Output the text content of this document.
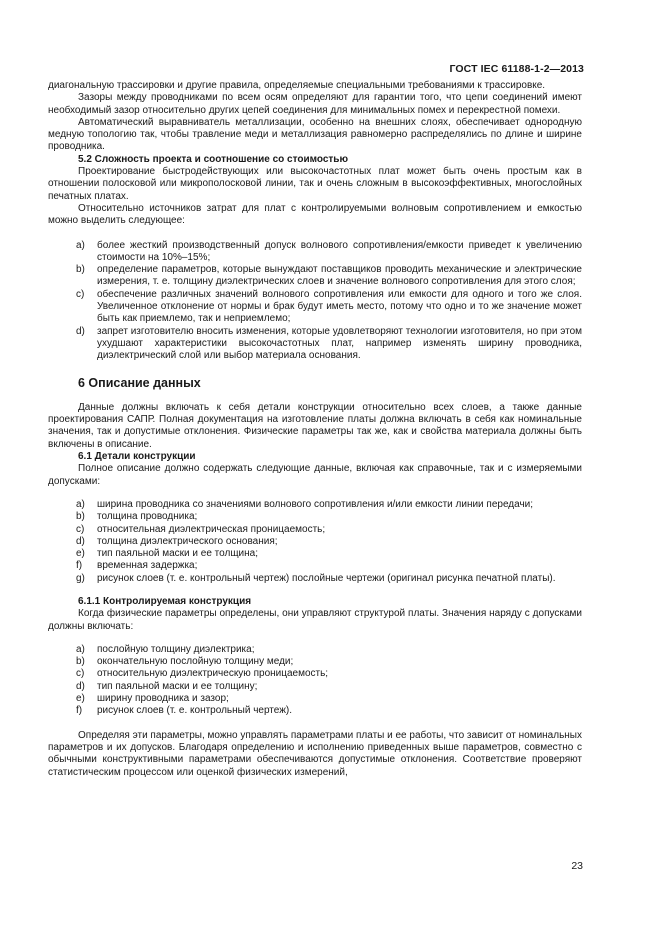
ГОСТ IEC 61188-1-2—2013

диагональную трассировки и другие правила, определяемые специальными требованиями к трассировке.

Зазоры между проводниками по всем осям определяют для гарантии того, что цепи соединений имеют необходимый зазор относительно других цепей соединения для минимальных помех и перекрестной помехи.

Автоматический выравниватель металлизации, особенно на внешних слоях, обеспечивает однородную медную топологию так, чтобы травление меди и металлизация равномерно распределялись по длине и ширине проводника.

5.2 Сложность проекта и соотношение со стоимостью

Проектирование быстродействующих или высокочастотных плат может быть очень простым как в отношении полосковой или микрополосковой линии, так и очень сложным в высокоэффективных, многослойных печатных платах.

Относительно источников затрат для плат с контролируемыми волновым сопротивлением и емкостью можно выделить следующее:

a)	более жесткий производственный допуск волнового сопротивления/емкости приведет к увеличению стоимости на 10%–15%;
b)	определение параметров, которые вынуждают поставщиков проводить механические и электрические измерения, т. е. толщину диэлектрических слоев и значение волнового сопротивления для этого слоя;
c)	обеспечение различных значений волнового сопротивления или емкости для одного и того же слоя. Увеличенное отклонение от нормы и брак будут иметь место, потому что одно и то же значение может быть как приемлемо, так и неприемлемо;
d)	запрет изготовителю вносить изменения, которые удовлетворяют технологии изготовителя, но при этом ухудшают характеристики высокочастотных плат, например изменять ширину проводника, диэлектрический слой или выбор материала основания.

6 Описание данных

Данные должны включать к себя детали конструкции относительно всех слоев, а также данные проектирования САПР. Полная документация на изготовление платы должна включать в себя как номинальные значения, так и допустимые отклонения. Физические параметры так же, как и свойства материала должны быть включены в описание.

6.1 Детали конструкции

Полное описание должно содержать следующие данные, включая как справочные, так и с измеряемыми допусками:

a)	ширина проводника со значениями волнового сопротивления и/или емкости линии передачи;
b)	толщина проводника;
c)	относительная диэлектрическая проницаемость;
d)	толщина диэлектрического основания;
e)	тип паяльной маски и ее толщина;
f)	временная задержка;
g)	рисунок слоев (т. е. контрольный чертеж) послойные чертежи (оригинал рисунка печатной платы).

6.1.1 Контролируемая конструкция

Когда физические параметры определены, они управляют структурой платы. Значения наряду с допусками должны включать:

a)	послойную толщину диэлектрика;
b)	окончательную послойную толщину меди;
c)	относительную диэлектрическую проницаемость;
d)	тип паяльной маски и ее толщину;
e)	ширину проводника и зазор;
f)	рисунок слоев (т. е. контрольный чертеж).

Определяя эти параметры, можно управлять параметрами платы и ее работы, что зависит от номинальных параметров и их допусков. Благодаря определению и исполнению приведенных выше параметров, совместно с обычными конструктивными параметрами обеспечиваются допустимые отклонения. Соответствие проверяют статистическим процессом или оценкой физических измерений,

23
